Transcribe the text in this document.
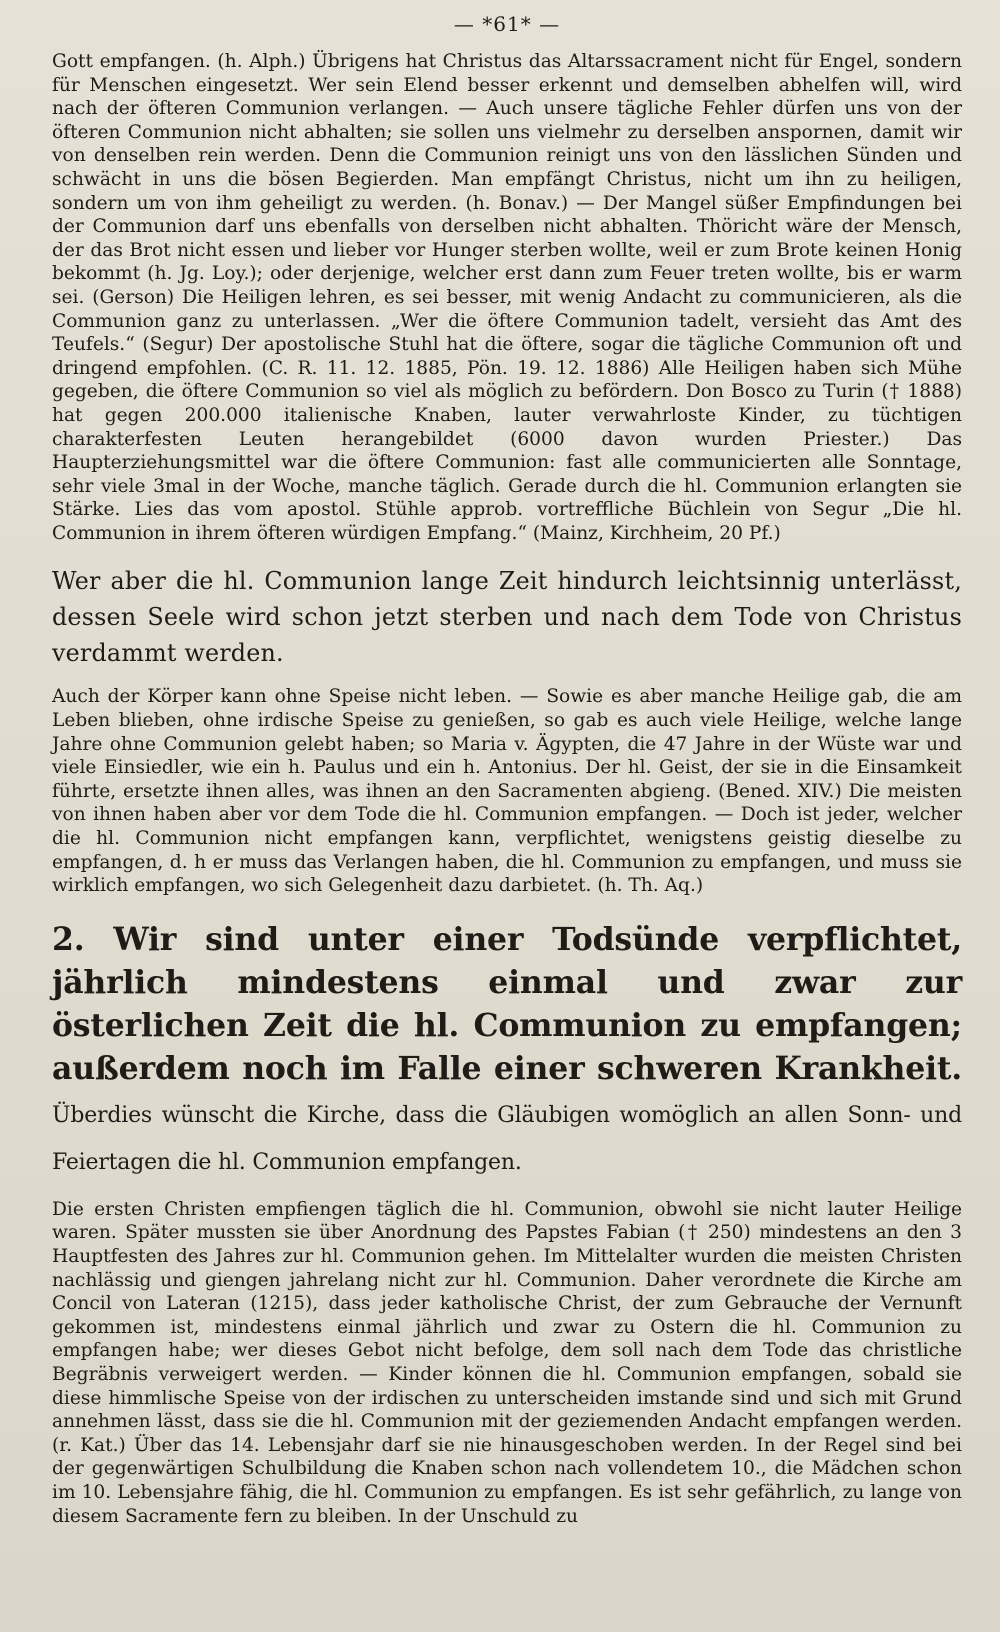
— *61* —

Gott empfangen. (h. Alph.) Übrigens hat Christus das Altarssacrament nicht für Engel, sondern für Menschen eingesetzt. Wer sein Elend besser erkennt und demselben abhelfen will, wird nach der öfteren Communion verlangen. — Auch unsere tägliche Fehler dürfen uns von der öfteren Communion nicht abhalten; sie sollen uns vielmehr zu derselben anspornen, damit wir von denselben rein werden. Denn die Communion reinigt uns von den lässlichen Sünden und schwächt in uns die bösen Begierden. Man empfängt Christus, nicht um ihn zu heiligen, sondern um von ihm geheiligt zu werden. (h. Bonav.) — Der Mangel süßer Empfindungen bei der Communion darf uns ebenfalls von derselben nicht abhalten. Thöricht wäre der Mensch, der das Brot nicht essen und lieber vor Hunger sterben wollte, weil er zum Brote keinen Honig bekommt (h. Jg. Loy.); oder derjenige, welcher erst dann zum Feuer treten wollte, bis er warm sei. (Gerson) Die Heiligen lehren, es sei besser, mit wenig Andacht zu communicieren, als die Communion ganz zu unterlassen. „Wer die öftere Communion tadelt, versieht das Amt des Teufels.“ (Segur) Der apostolische Stuhl hat die öftere, sogar die tägliche Communion oft und dringend empfohlen. (C. R. 11. 12. 1885, Pön. 19. 12. 1886) Alle Heiligen haben sich Mühe gegeben, die öftere Communion so viel als möglich zu befördern. Don Bosco zu Turin († 1888) hat gegen 200.000 italienische Knaben, lauter verwahrloste Kinder, zu tüchtigen charakterfesten Leuten herangebildet (6000 davon wurden Priester.) Das Haupterziehungsmittel war die öftere Communion: fast alle communicierten alle Sonntage, sehr viele 3mal in der Woche, manche täglich. Gerade durch die hl. Communion erlangten sie Stärke. Lies das vom apostol. Stühle approb. vortreffliche Büchlein von Segur „Die hl. Communion in ihrem öfteren würdigen Empfang.“ (Mainz, Kirchheim, 20 Pf.)

Wer aber die hl. Communion lange Zeit hindurch leichtsinnig unterlässt, dessen Seele wird schon jetzt sterben und nach dem Tode von Christus verdammt werden.

Auch der Körper kann ohne Speise nicht leben. — Sowie es aber manche Heilige gab, die am Leben blieben, ohne irdische Speise zu genießen, so gab es auch viele Heilige, welche lange Jahre ohne Communion gelebt haben; so Maria v. Ägypten, die 47 Jahre in der Wüste war und viele Einsiedler, wie ein h. Paulus und ein h. Antonius. Der hl. Geist, der sie in die Einsamkeit führte, ersetzte ihnen alles, was ihnen an den Sacramenten abgieng. (Bened. XIV.) Die meisten von ihnen haben aber vor dem Tode die hl. Communion empfangen. — Doch ist jeder, welcher die hl. Communion nicht empfangen kann, verpflichtet, wenigstens geistig dieselbe zu empfangen, d. h er muss das Verlangen haben, die hl. Communion zu empfangen, und muss sie wirklich empfangen, wo sich Gelegenheit dazu darbietet. (h. Th. Aq.)

2. Wir sind unter einer Todsünde verpflichtet, jährlich mindestens einmal und zwar zur österlichen Zeit die hl. Communion zu empfangen; außerdem noch im Falle einer schweren Krankheit. Überdies wünscht die Kirche, dass die Gläubigen womöglich an allen Sonn- und Feiertagen die hl. Communion empfangen.

Die ersten Christen empfiengen täglich die hl. Communion, obwohl sie nicht lauter Heilige waren. Später mussten sie über Anordnung des Papstes Fabian († 250) mindestens an den 3 Hauptfesten des Jahres zur hl. Communion gehen. Im Mittelalter wurden die meisten Christen nachlässig und giengen jahrelang nicht zur hl. Communion. Daher verordnete die Kirche am Concil von Lateran (1215), dass jeder katholische Christ, der zum Gebrauche der Vernunft gekommen ist, mindestens einmal jährlich und zwar zu Ostern die hl. Communion zu empfangen habe; wer dieses Gebot nicht befolge, dem soll nach dem Tode das christliche Begräbnis verweigert werden. — Kinder können die hl. Communion empfangen, sobald sie diese himmlische Speise von der irdischen zu unterscheiden imstande sind und sich mit Grund annehmen lässt, dass sie die hl. Communion mit der geziemenden Andacht empfangen werden. (r. Kat.) Über das 14. Lebensjahr darf sie nie hinausgeschoben werden. In der Regel sind bei der gegenwärtigen Schulbildung die Knaben schon nach vollendetem 10., die Mädchen schon im 10. Lebensjahre fähig, die hl. Communion zu empfangen. Es ist sehr gefährlich, zu lange von diesem Sacramente fern zu bleiben. In der Unschuld zu
